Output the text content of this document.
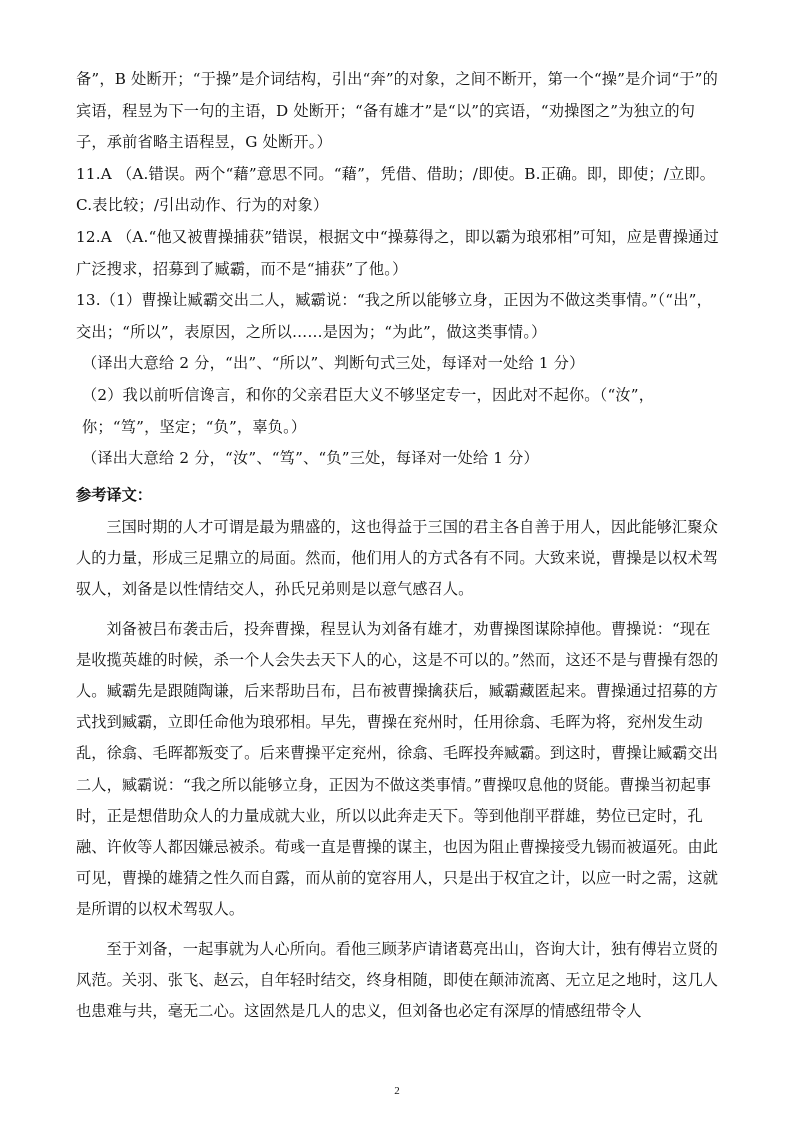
备”，B 处断开；“于操”是介词结构，引出“奔”的对象，之间不断开，第一个“操”是介词“于”的宾语，程昱为下一句的主语，D 处断开；“备有雄才”是“以”的宾语，“劝操图之”为独立的句子，承前省略主语程昱，G 处断开。）

11.A （A.错误。两个“藉”意思不同。“藉”，凭借、借助；/即使。B.正确。即，即使；/立即。C.表比较；/引出动作、行为的对象）

12.A （A.“他又被曹操捕获”错误，根据文中“操募得之，即以霸为琅邪相”可知，应是曹操通过广泛搜求，招募到了臧霸，而不是“捕获”了他。）

13.（1）曹操让臧霸交出二人，臧霸说：“我之所以能够立身，正因为不做这类事情。”（“出”，交出；“所以”，表原因，之所以……是因为；“为此”，做这类事情。）

（译出大意给 2 分，“出”、“所以”、判断句式三处，每译对一处给 1 分）

（2）我以前听信谗言，和你的父亲君臣大义不够坚定专一，因此对不起你。（“汝”，你；“笃”，坚定；“负”，辜负。）

（译出大意给 2 分，“汝”、“笃”、“负”三处，每译对一处给 1 分）

参考译文：

三国时期的人才可谓是最为鼎盛的，这也得益于三国的君主各自善于用人，因此能够汇聚众人的力量，形成三足鼎立的局面。然而，他们用人的方式各有不同。大致来说，曹操是以权术驾驭人，刘备是以性情结交人，孙氏兄弟则是以意气感召人。

刘备被吕布袭击后，投奔曹操，程昱认为刘备有雄才，劝曹操图谋除掉他。曹操说：“现在是收揽英雄的时候，杀一个人会失去天下人的心，这是不可以的。”然而，这还不是与曹操有怨的人。臧霸先是跟随陶谦，后来帮助吕布，吕布被曹操擒获后，臧霸藏匿起来。曹操通过招募的方式找到臧霸，立即任命他为琅邪相。早先，曹操在兖州时，任用徐翕、毛晖为将，兖州发生动乱，徐翕、毛晖都叛变了。后来曹操平定兖州，徐翕、毛晖投奔臧霸。到这时，曹操让臧霸交出二人，臧霸说：“我之所以能够立身，正因为不做这类事情。”曹操叹息他的贤能。曹操当初起事时，正是想借助众人的力量成就大业，所以以此奔走天下。等到他削平群雄，势位已定时，孔融、许攸等人都因嫌忌被杀。荀彧一直是曹操的谋主，也因为阻止曹操接受九锡而被逼死。由此可见，曹操的雄猜之性久而自露，而从前的宽容用人，只是出于权宜之计，以应一时之需，这就是所谓的以权术驾驭人。

至于刘备，一起事就为人心所向。看他三顾茅庐请诸葛亮出山，咨询大计，独有傅岩立贤的风范。关羽、张飞、赵云，自年轻时结交，终身相随，即使在颠沛流离、无立足之地时，这几人也患难与共，毫无二心。这固然是几人的忠义，但刘备也必定有深厚的情感纽带令人

2
